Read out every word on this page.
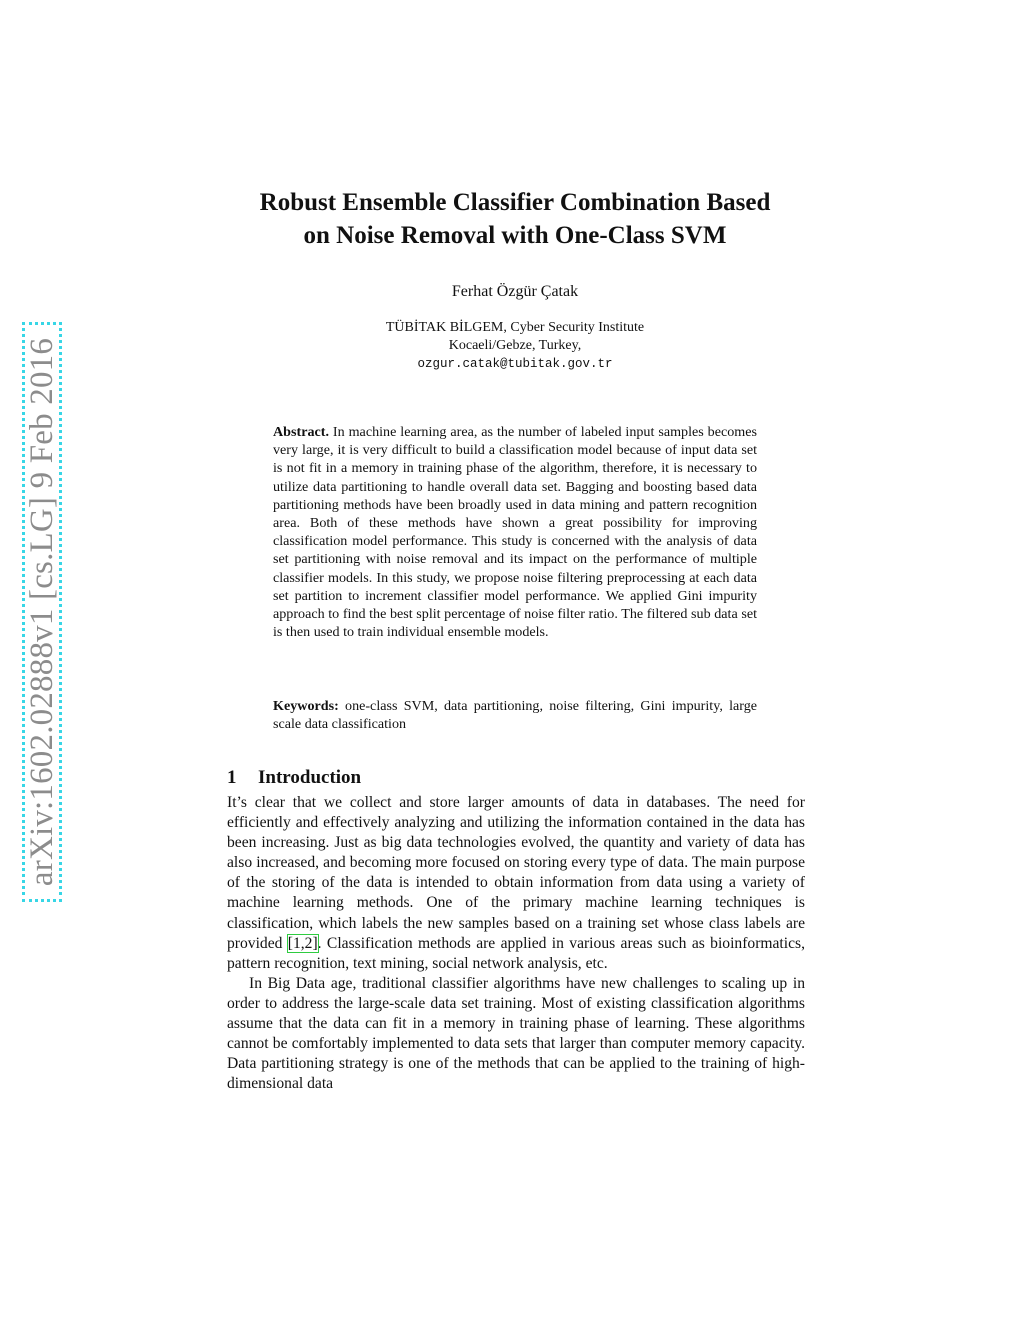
arXiv:1602.02888v1 [cs.LG] 9 Feb 2016
Robust Ensemble Classifier Combination Based
on Noise Removal with One-Class SVM
Ferhat Özgür Çatak
TÜBİTAK BİLGEM, Cyber Security Institute
Kocaeli/Gebze, Turkey,
ozgur.catak@tubitak.gov.tr
Abstract. In machine learning area, as the number of labeled input samples becomes very large, it is very difficult to build a classification model because of input data set is not fit in a memory in training phase of the algorithm, therefore, it is necessary to utilize data partitioning to handle overall data set. Bagging and boosting based data partitioning methods have been broadly used in data mining and pattern recognition area. Both of these methods have shown a great possibility for improving classification model performance. This study is concerned with the analysis of data set partitioning with noise removal and its impact on the performance of multiple classifier models. In this study, we propose noise filtering preprocessing at each data set partition to increment classifier model performance. We applied Gini impurity approach to find the best split percentage of noise filter ratio. The filtered sub data set is then used to train individual ensemble models.
Keywords: one-class SVM, data partitioning, noise filtering, Gini impurity, large scale data classification
1 Introduction

It’s clear that we collect and store larger amounts of data in databases. The need for efficiently and effectively analyzing and utilizing the information contained in the data has been increasing. Just as big data technologies evolved, the quantity and variety of data has also increased, and becoming more focused on storing every type of data. The main purpose of the storing of the data is intended to obtain information from data using a variety of machine learning methods. One of the primary machine learning techniques is classification, which labels the new samples based on a training set whose class labels are provided [1,2]. Classification methods are applied in various areas such as bioinformatics, pattern recognition, text mining, social network analysis, etc.

In Big Data age, traditional classifier algorithms have new challenges to scaling up in order to address the large-scale data set training. Most of existing classification algorithms assume that the data can fit in a memory in training phase of learning. These algorithms cannot be comfortably implemented to data sets that larger than computer memory capacity. Data partitioning strategy is one of the methods that can be applied to the training of high-dimensional data
